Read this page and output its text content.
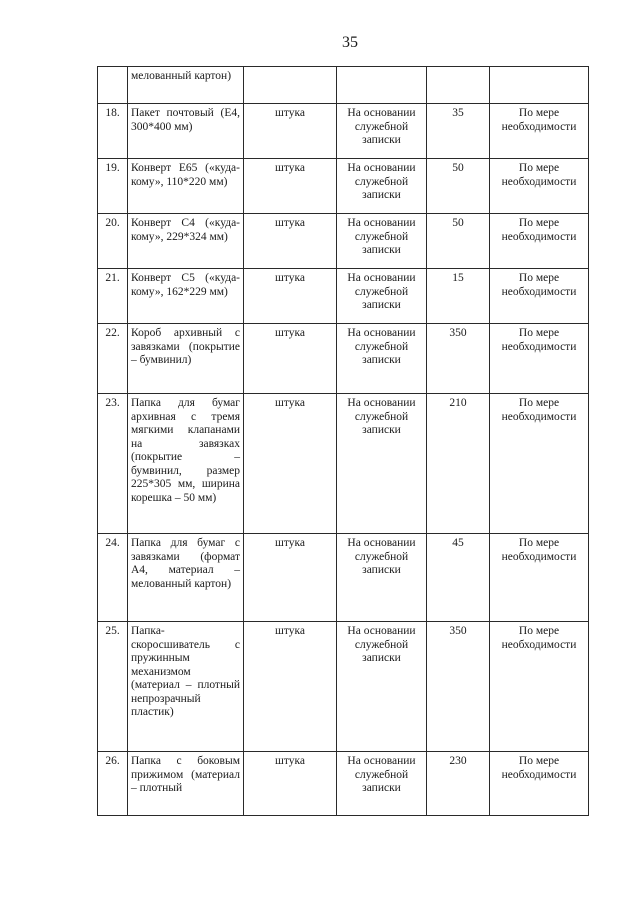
35
	мелованный картон)				
18.	Пакет почтовый (Е4, 300*400 мм)	штука	На основании служебной записки	35	По мере необходимости
19.	Конверт Е65 («куда-кому», 110*220 мм)	штука	На основании служебной записки	50	По мере необходимости
20.	Конверт С4 («куда-кому», 229*324 мм)	штука	На основании служебной записки	50	По мере необходимости
21.	Конверт С5 («куда-кому», 162*229 мм)	штука	На основании служебной записки	15	По мере необходимости
22.	Короб архивный с завязками (покрытие – бумвинил)	штука	На основании служебной записки	350	По мере необходимости
23.	Папка для бумаг архивная с тремя мягкими клапанами на завязках (покрытие – бумвинил, размер 225*305 мм, ширина корешка – 50 мм)	штука	На основании служебной записки	210	По мере необходимости
24.	Папка для бумаг с завязками (формат А4, материал – мелованный картон)	штука	На основании служебной записки	45	По мере необходимости
25.	Папка-скоросшиватель с пружинным механизмом (материал – плотный непрозрачный пластик)	штука	На основании служебной записки	350	По мере необходимости
26.	Папка с боковым прижимом (материал – плотный	штука	На основании служебной записки	230	По мере необходимости
